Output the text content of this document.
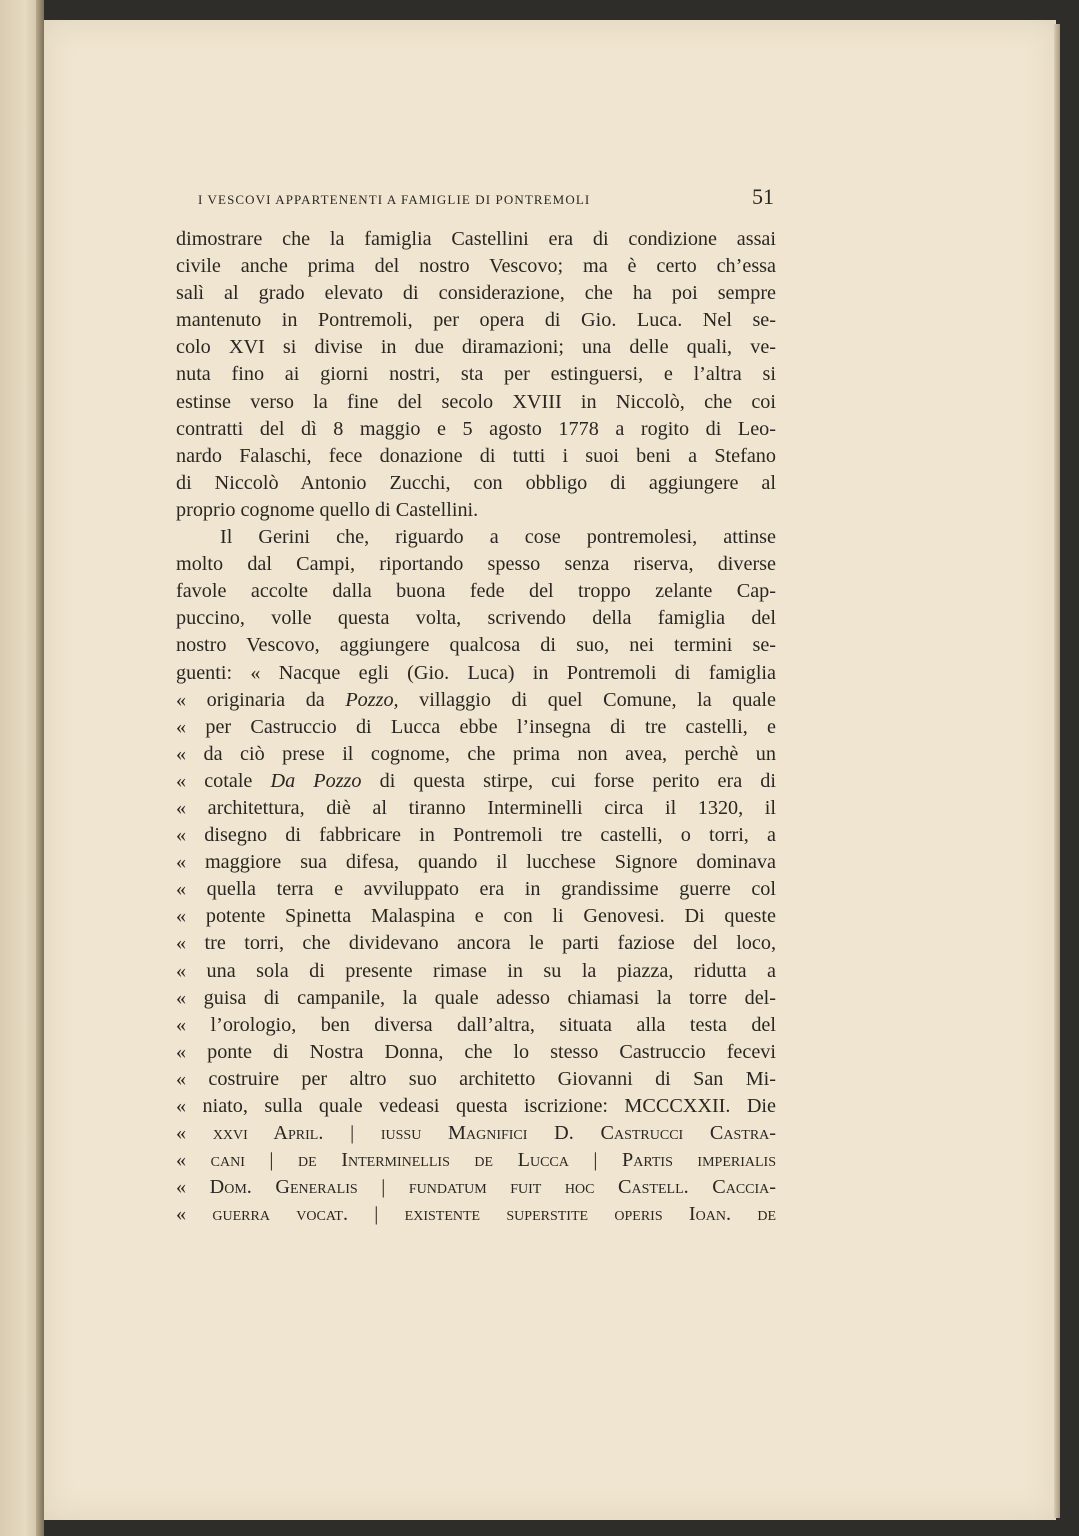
I VESCOVI APPARTENENTI A FAMIGLIE DI PONTREMOLI	51
dimostrare che la famiglia Castellini era di condizione assai
civile anche prima del nostro Vescovo; ma è certo ch’essa
salì al grado elevato di considerazione, che ha poi sempre
mantenuto in Pontremoli, per opera di Gio. Luca. Nel se-
colo XVI si divise in due diramazioni; una delle quali, ve-
nuta fino ai giorni nostri, sta per estinguersi, e l’altra si
estinse verso la fine del secolo XVIII in Niccolò, che coi
contratti del dì 8 maggio e 5 agosto 1778 a rogito di Leo-
nardo Falaschi, fece donazione di tutti i suoi beni a Stefano
di Niccolò Antonio Zucchi, con obbligo di aggiungere al
proprio cognome quello di Castellini.
Il Gerini che, riguardo a cose pontremolesi, attinse
molto dal Campi, riportando spesso senza riserva, diverse
favole accolte dalla buona fede del troppo zelante Cap-
puccino, volle questa volta, scrivendo della famiglia del
nostro Vescovo, aggiungere qualcosa di suo, nei termini se-
guenti: « Nacque egli (Gio. Luca) in Pontremoli di famiglia
« originaria da Pozzo, villaggio di quel Comune, la quale
« per Castruccio di Lucca ebbe l’insegna di tre castelli, e
« da ciò prese il cognome, che prima non avea, perchè un
« cotale Da Pozzo di questa stirpe, cui forse perito era di
« architettura, diè al tiranno Interminelli circa il 1320, il
« disegno di fabbricare in Pontremoli tre castelli, o torri, a
« maggiore sua difesa, quando il lucchese Signore dominava
« quella terra e avviluppato era in grandissime guerre col
« potente Spinetta Malaspina e con li Genovesi. Di queste
« tre torri, che dividevano ancora le parti faziose del loco,
« una sola di presente rimase in su la piazza, ridutta a
« guisa di campanile, la quale adesso chiamasi la torre del-
« l’orologio, ben diversa dall’altra, situata alla testa del
« ponte di Nostra Donna, che lo stesso Castruccio fecevi
« costruire per altro suo architetto Giovanni di San Mi-
« niato, sulla quale vedeasi questa iscrizione: MCCCXXII. Die
« xxvi April. | iussu Magnifici D. Castrucci Castra-
« cani | de Interminellis de Lucca | Partis imperialis
« Dom. Generalis | fundatum fuit hoc Castell. Caccia-
« guerra vocat. | existente superstite operis Ioan. de
